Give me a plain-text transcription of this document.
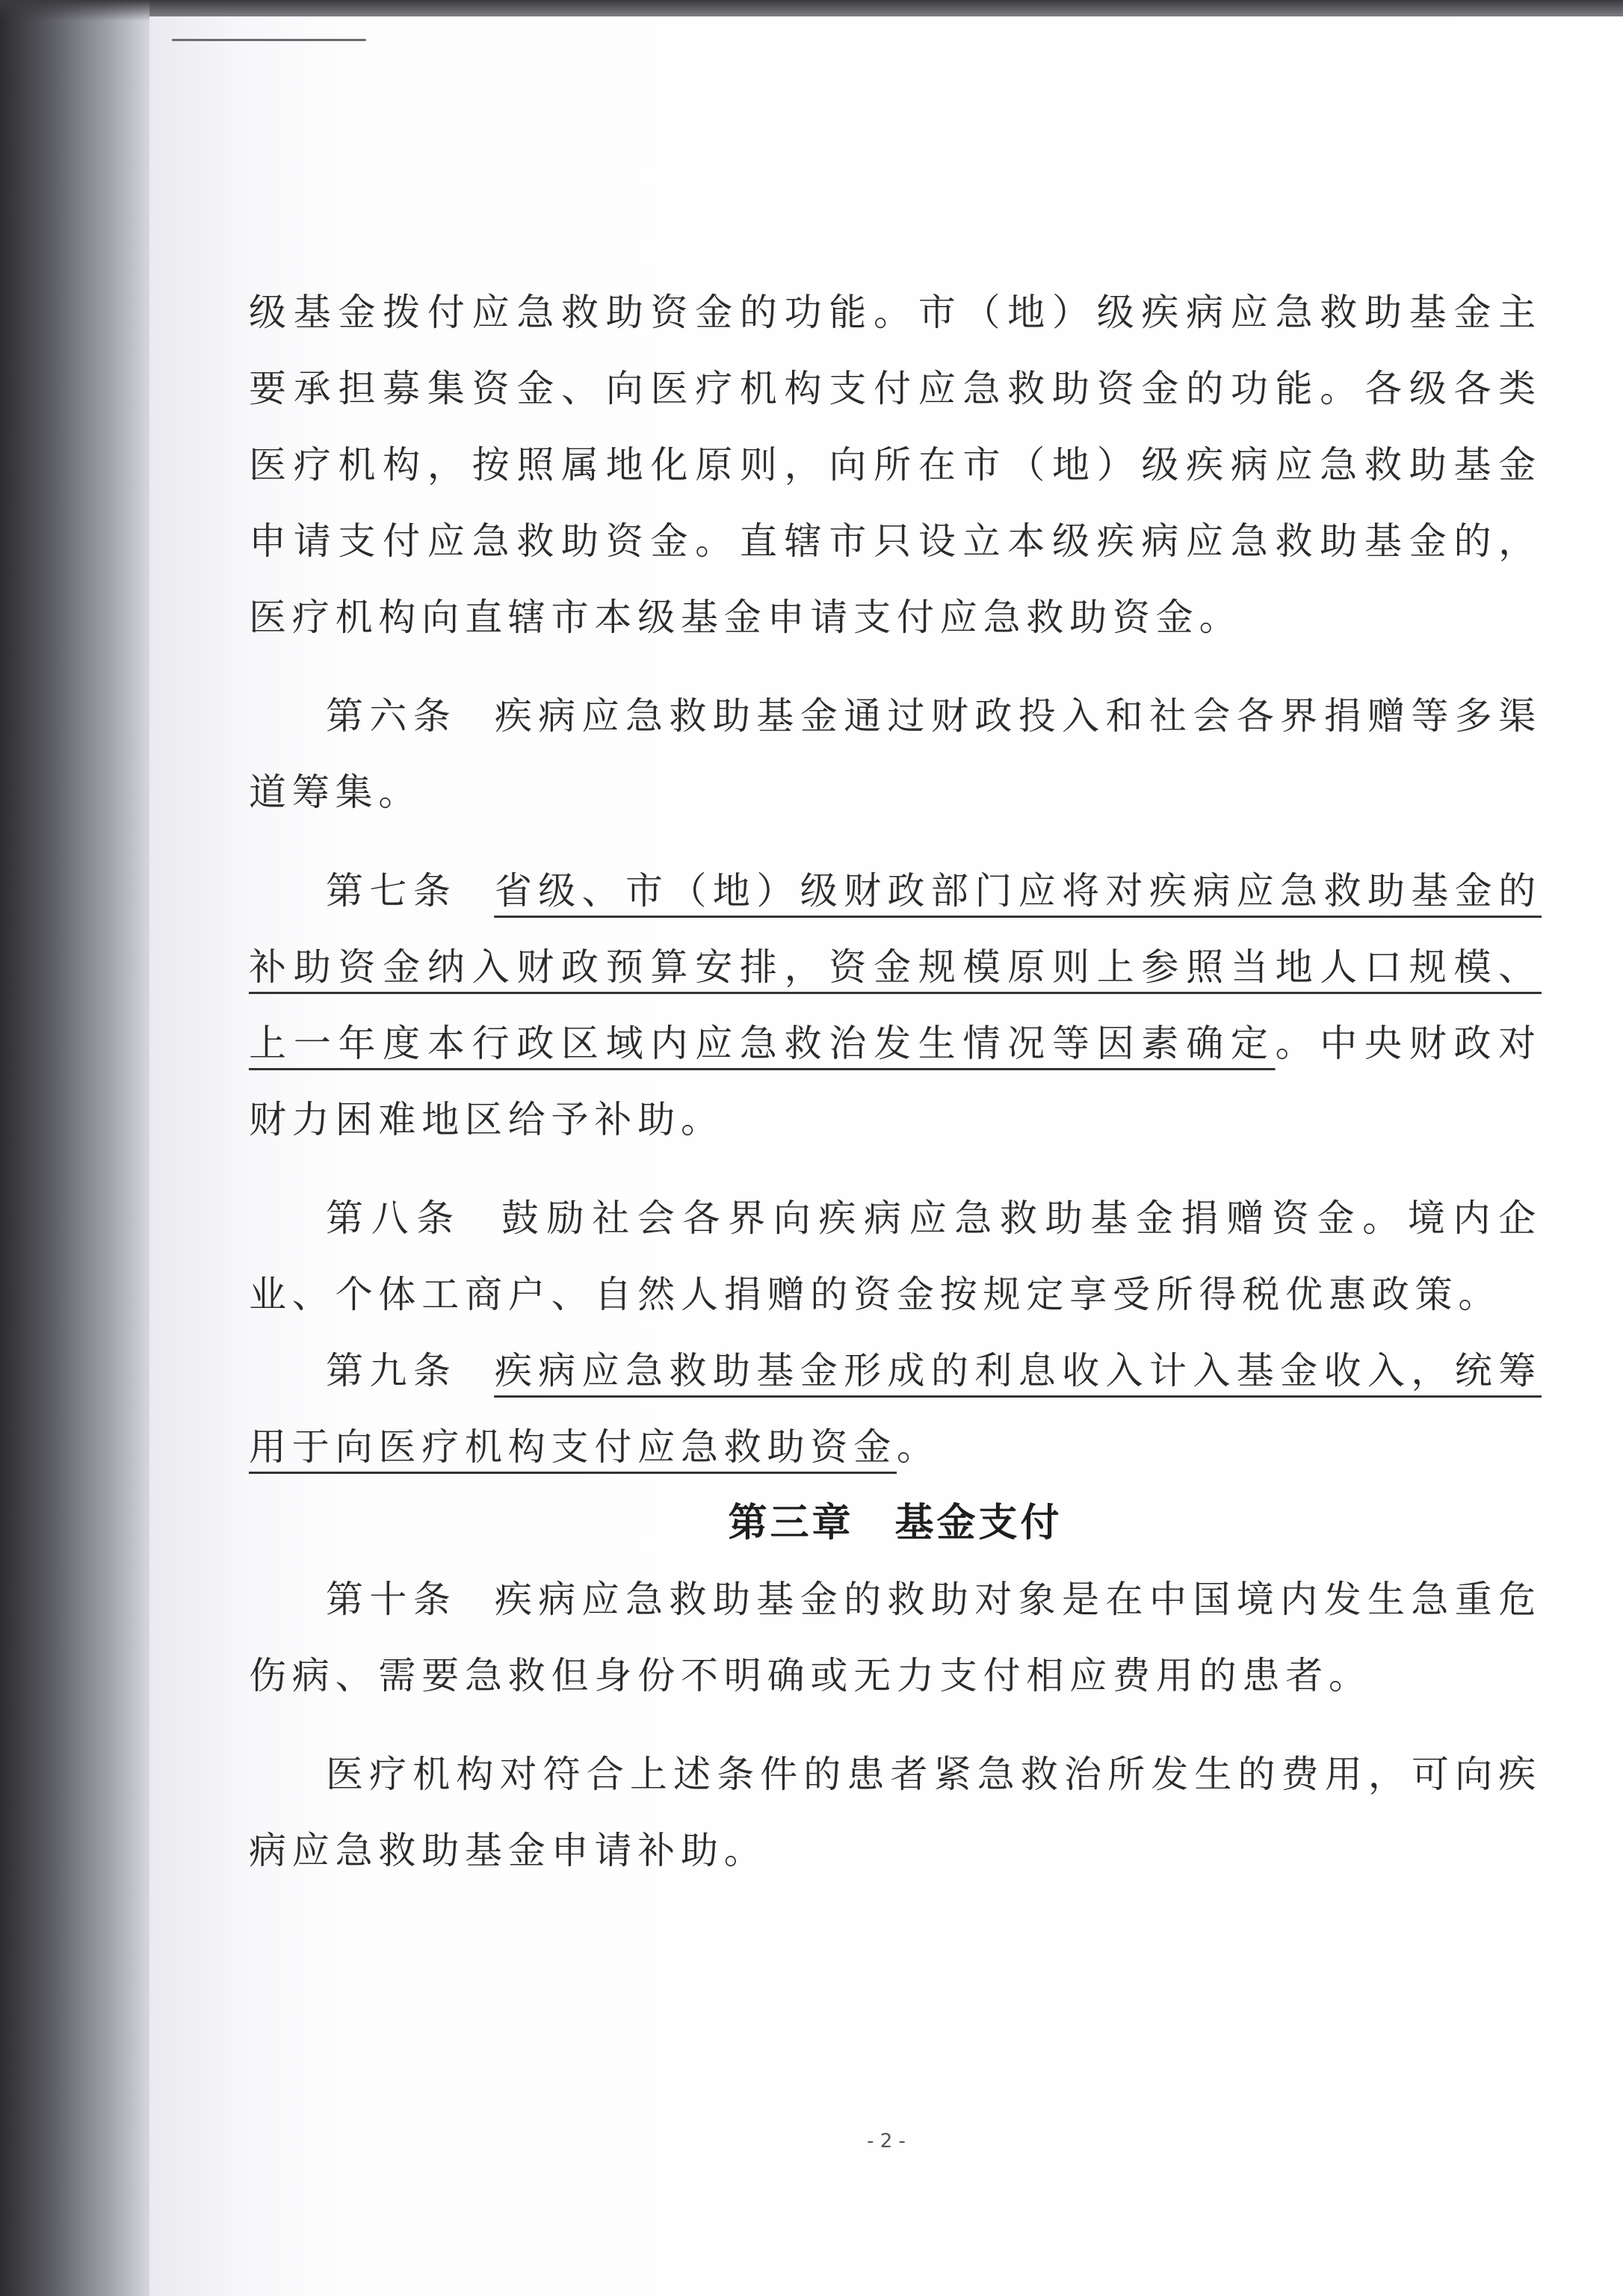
级基金拨付应急救助资金的功能。市（地）级疾病应急救助基金主要承担募集资金、向医疗机构支付应急救助资金的功能。各级各类医疗机构，按照属地化原则，向所在市（地）级疾病应急救助基金申请支付应急救助资金。直辖市只设立本级疾病应急救助基金的，医疗机构向直辖市本级基金申请支付应急救助资金。

第六条 疾病应急救助基金通过财政投入和社会各界捐赠等多渠道筹集。

第七条 省级、市（地）级财政部门应将对疾病应急救助基金的补助资金纳入财政预算安排，资金规模原则上参照当地人口规模、上一年度本行政区域内应急救治发生情况等因素确定。中央财政对财力困难地区给予补助。

第八条 鼓励社会各界向疾病应急救助基金捐赠资金。境内企业、个体工商户、自然人捐赠的资金按规定享受所得税优惠政策。

第九条 疾病应急救助基金形成的利息收入计入基金收入，统筹用于向医疗机构支付应急救助资金。

第三章 基金支付

第十条 疾病应急救助基金的救助对象是在中国境内发生急重危伤病、需要急救但身份不明确或无力支付相应费用的患者。

医疗机构对符合上述条件的患者紧急救治所发生的费用，可向疾病应急救助基金申请补助。

- 2 -
